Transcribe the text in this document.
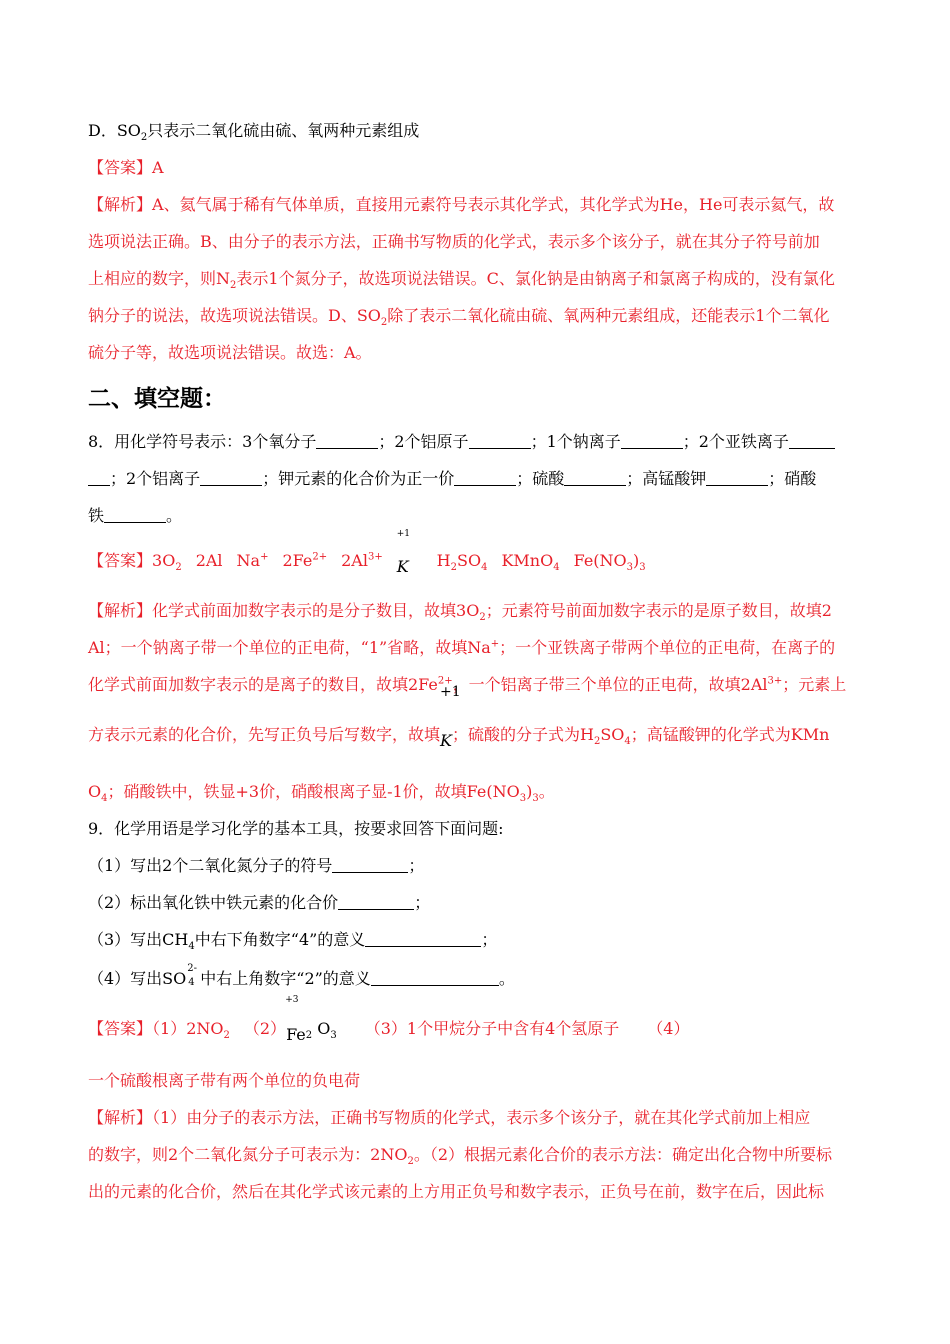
D．$SO_2$只表示二氧化硫由硫、氧两种元素组成
【答案】A
【解析】A、氦气属于稀有气体单质，直接用元素符号表示其化学式，其化学式为He，He可表示氦气，故
选项说法正确。B、由分子的表示方法，正确书写物质的化学式，表示多个该分子，就在其分子符号前加
上相应的数字，则$N_2$表示1个氮分子，故选项说法错误。C、氯化钠是由钠离子和氯离子构成的，没有氯化
钠分子的说法，故选项说法错误。D、$SO_2$除了表示二氧化硫由硫、氧两种元素组成，还能表示1个二氧化
硫分子等，故选项说法错误。故选：A。
二、填空题：
8．用化学符号表示：3个氧分子	；2个铝原子	；1个钠离子	；2个亚铁离子
；2个铝离子	；钾元素的化合价为正一价	；硫酸	；高锰酸钾	；硝酸
铁	。
【答案】$3O_2$ 2Al Na+ $2Fe^{2+}$ $2Al^{3+}$
+1
K $H_2SO_4$ KMnO$_4$ $Fe(NO_3)_3$
【解析】化学式前面加数字表示的是分子数目，故填$3O_2$；元素符号前面加数字表示的是原子数目，故填2
Al；一个钠离子带一个单位的正电荷，“1”省略，故填Na+；一个亚铁离子带两个单位的正电荷，在离子的
化学式前面加数字表示的是离子的数目，故填$2Fe^{2+}$，一个铝离子带三个单位的正电荷，故填$2Al^{3+}$；元素上
方表示元素的化合价，先写正负号后写数字，故填
+1
K；硫酸的分子式为$H_2SO_4$；高锰酸钾的化学式为KMn
$O_4$；硝酸铁中，铁显+3价，硝酸根离子显-1价，故填$Fe(NO_3)_3$。
9．化学用语是学习化学的基本工具，按要求回答下面问题:
（1）写出2个二氧化氮分子的符号	；
（2）标出氧化铁中铁元素的化合价	；
（3）写出$CH_4$中右下角数字“4”的意义	；
（4）写出SO
2-
4 中右上角数字“2”的意义	。
【答案】$(1)2NO_2$ （2）
+3
$Fe_2$ $O_3$ （3）1个甲烷分子中含有4个氢原子 （4）
一个硫酸根离子带有两个单位的负电荷
【解析】（1）由分子的表示方法，正确书写物质的化学式，表示多个该分子，就在其化学式前加上相应
的数字，则2个二氧化氮分子可表示为：$2NO_2$。（2）根据元素化合价的表示方法：确定出化合物中所要标
出的元素的化合价，然后在其化学式该元素的上方用正负号和数字表示，正负号在前，数字在后，因此标
